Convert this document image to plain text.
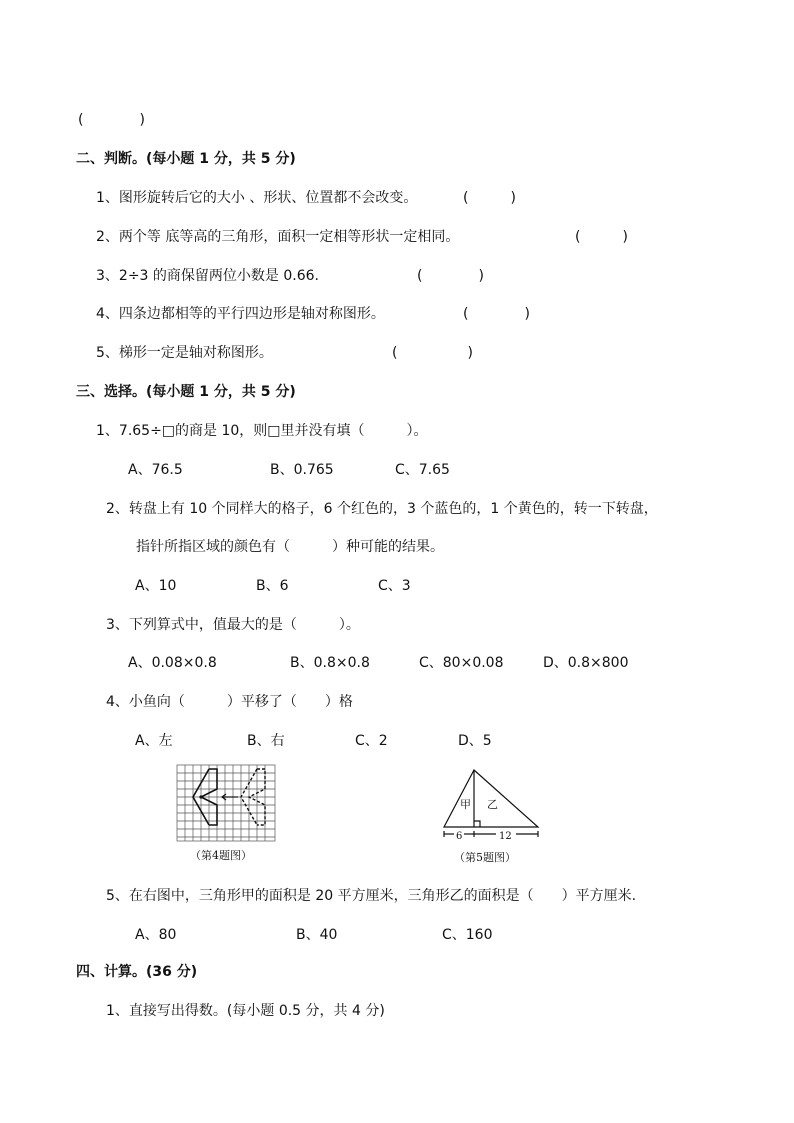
(　　　　)
二、判断。(每小题 1 分，共 5 分)
1、图形旋转后它的大小 、形状、位置都不会改变。	(　　　)
2、两个等 底等高的三角形，面积一定相等形状一定相同。	(　　　)
3、2÷3 的商保留两位小数是 0.66.	(　　　　)
4、四条边都相等的平行四边形是轴对称图形。	(　　　　)
5、梯形一定是轴对称图形。	(　　　　　)
三、选择。(每小题 1 分，共 5 分)
1、7.65÷□的商是 10，则□里并没有填（　　　）。
A、76.5	B、0.765	C、7.65
2、转盘上有 10 个同样大的格子，6 个红色的，3 个蓝色的，1 个黄色的，转一下转盘，
指针所指区域的颜色有（　　　）种可能的结果。
A、10	B、6	C、3
3、下列算式中，值最大的是（　　　）。
A、0.08×0.8	B、0.8×0.8	C、80×0.08	D、0.8×800
4、小鱼向（　　　）平移了（　　）格
A、左	B、右	C、2	D、5
（第4题图）
甲 乙
6	12
（第5题图）
5、在右图中，三角形甲的面积是 20 平方厘米，三角形乙的面积是（　　）平方厘米.
A、80	B、40	C、160
四、计算。(36 分)
1、直接写出得数。(每小题 0.5 分，共 4 分)
